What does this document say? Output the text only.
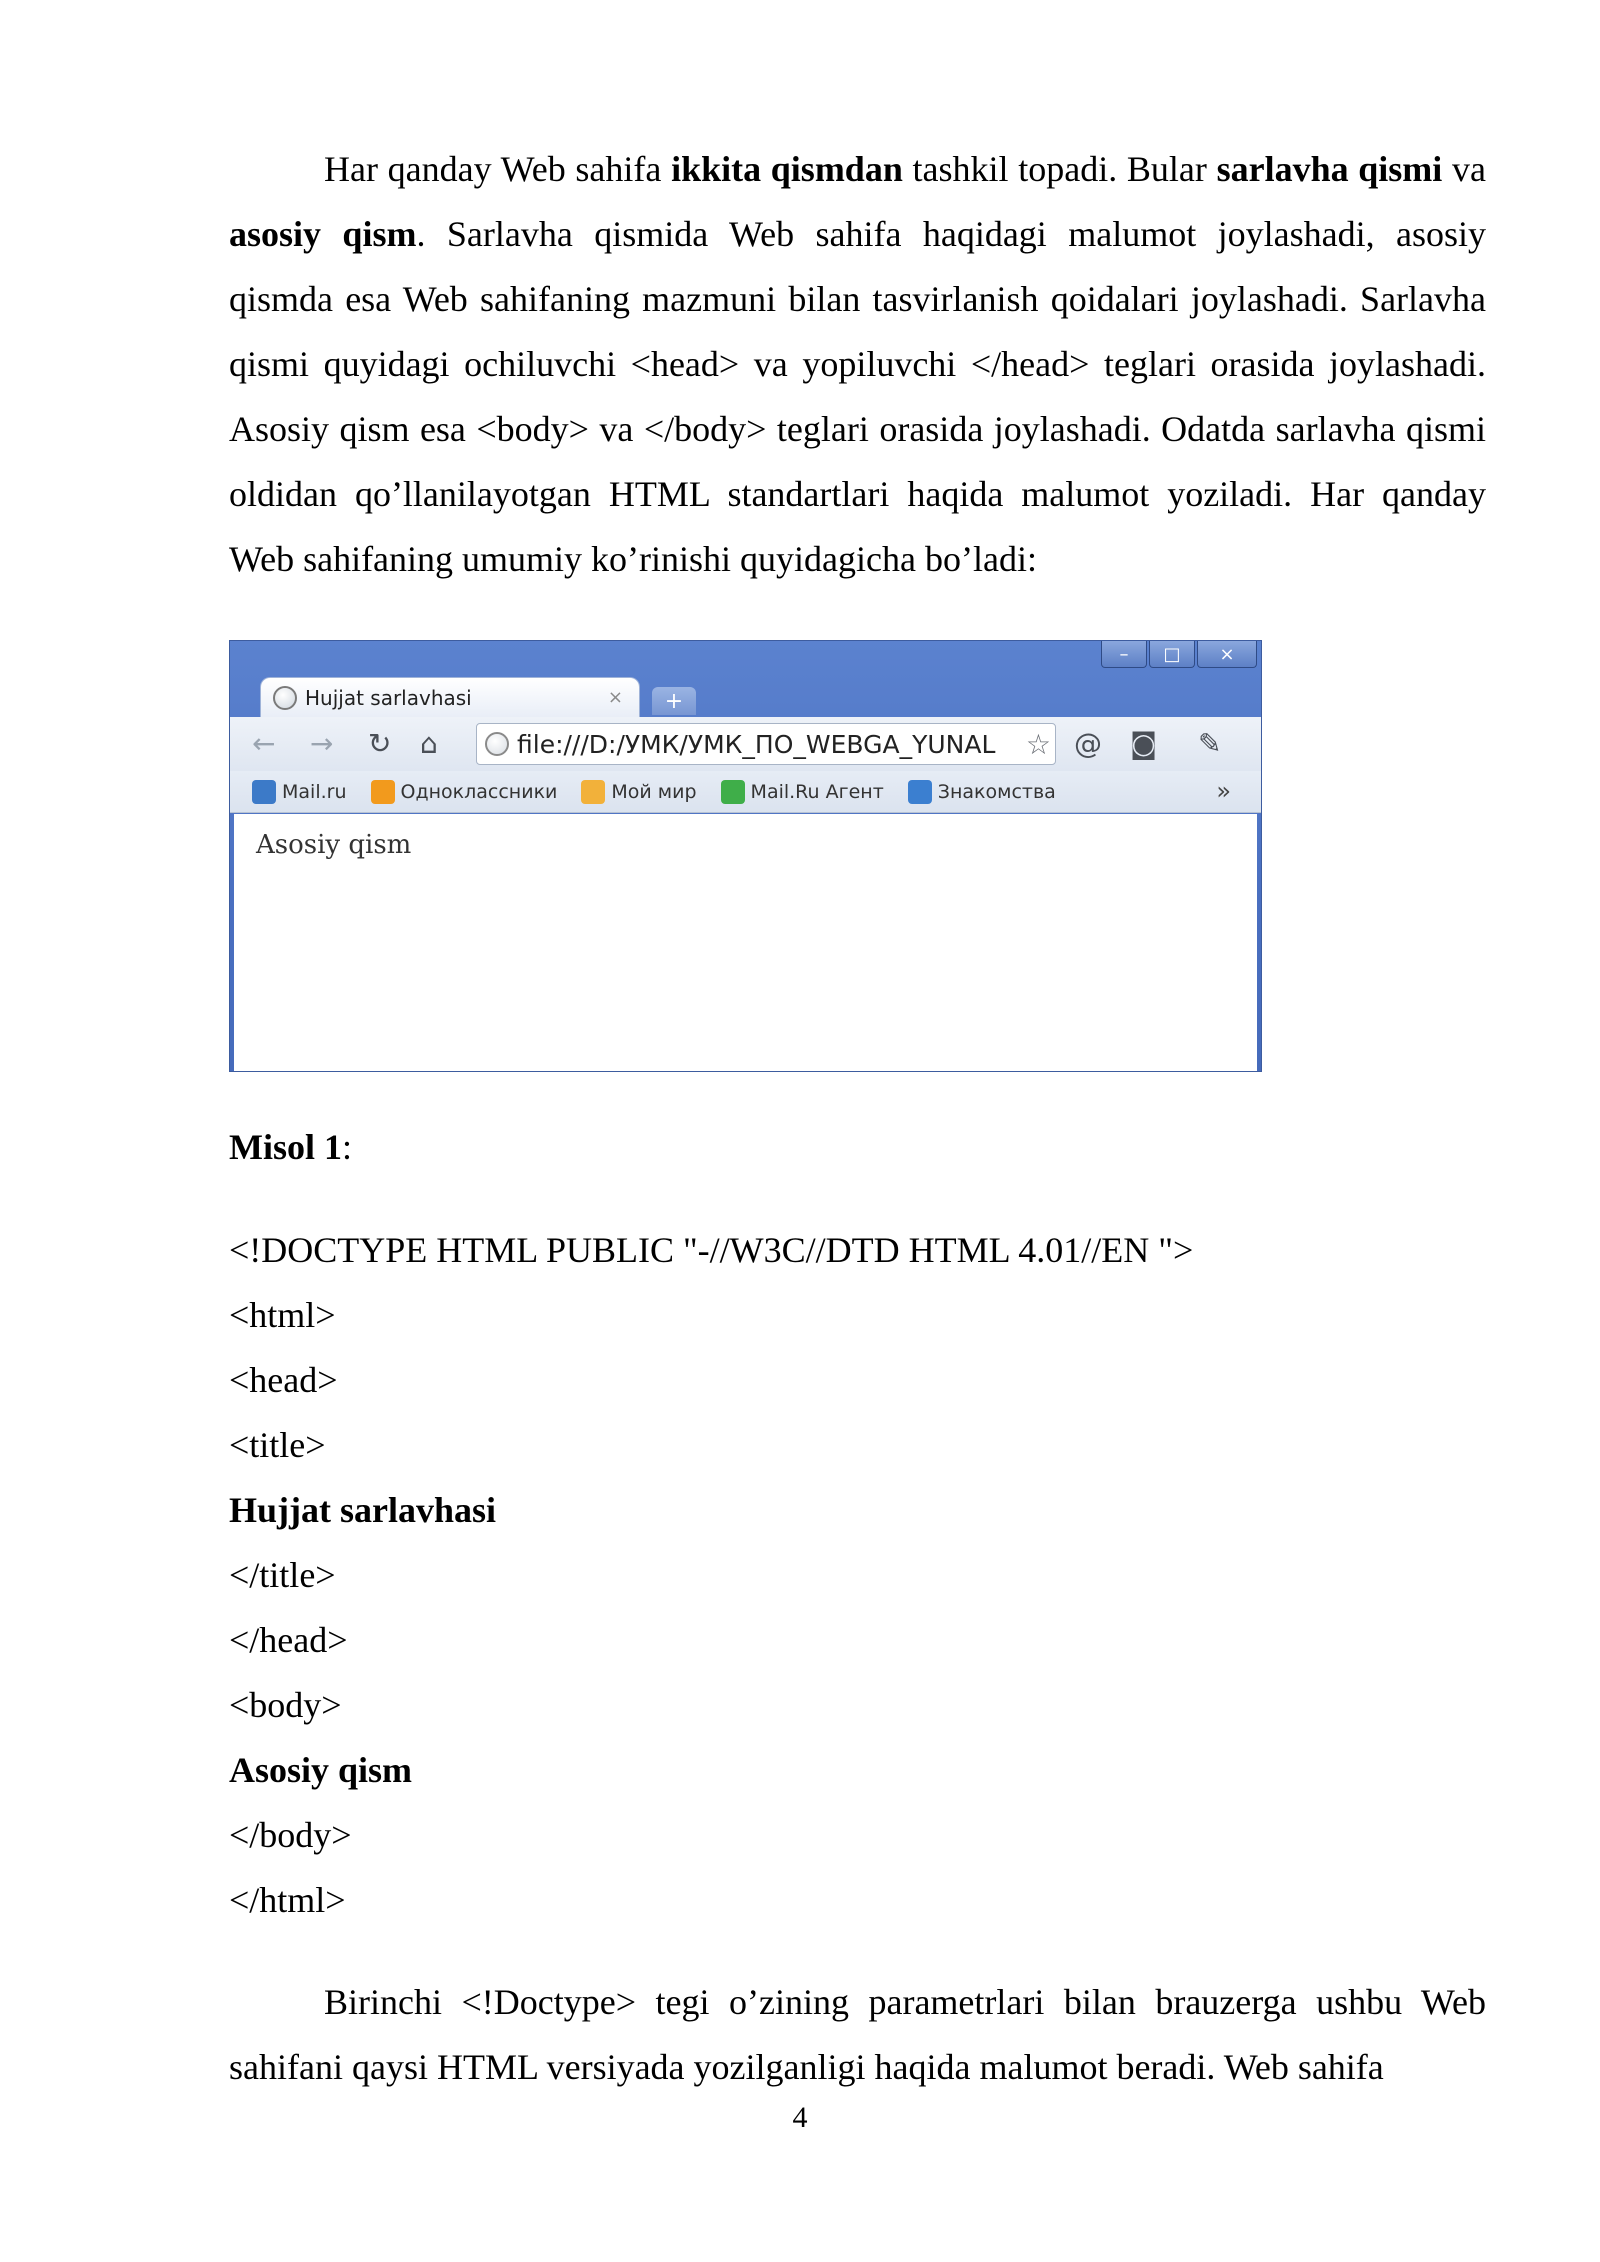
Har qanday Web sahifa ikkita qismdan tashkil topadi. Bular sarlavha qismi va asosiy qism. Sarlavha qismida Web sahifa haqidagi malumot joylashadi, asosiy qismda esa Web sahifaning mazmuni bilan tasvirlanish qoidalari joylashadi. Sarlavha qismi quyidagi ochiluvchi <head> va yopiluvchi </head> teglari orasida joylashadi. Asosiy qism esa <body> va </body> teglari orasida joylashadi. Odatda sarlavha qismi oldidan qo’llanilayotgan HTML standartlari haqida malumot yoziladi. Har qanday Web sahifaning umumiy ko’rinishi quyidagicha bo’ladi:

–	□	×
Hujjat sarlavhasi	×	+
← → ↻ ⌂	file:///D:/УМК/УМК_ПО_WEBGA_YUNAL ☆ @ ◙ ✎
Mail.ru	Одноклассники	Мой мир	Mail.Ru Агент	Знакомства	»
Asosiy qism
Misol 1:

<!DOCTYPE HTML PUBLIC "-//W3C//DTD HTML 4.01//EN ">

<html>

<head>

<title>

Hujjat sarlavhasi

</title>

</head>

<body>

Asosiy qism

</body>

</html>

Birinchi <!Doctype> tegi o’zining parametrlari bilan brauzerga ushbu Web sahifani qaysi HTML versiyada yozilganligi haqida malumot beradi. Web sahifa

4
